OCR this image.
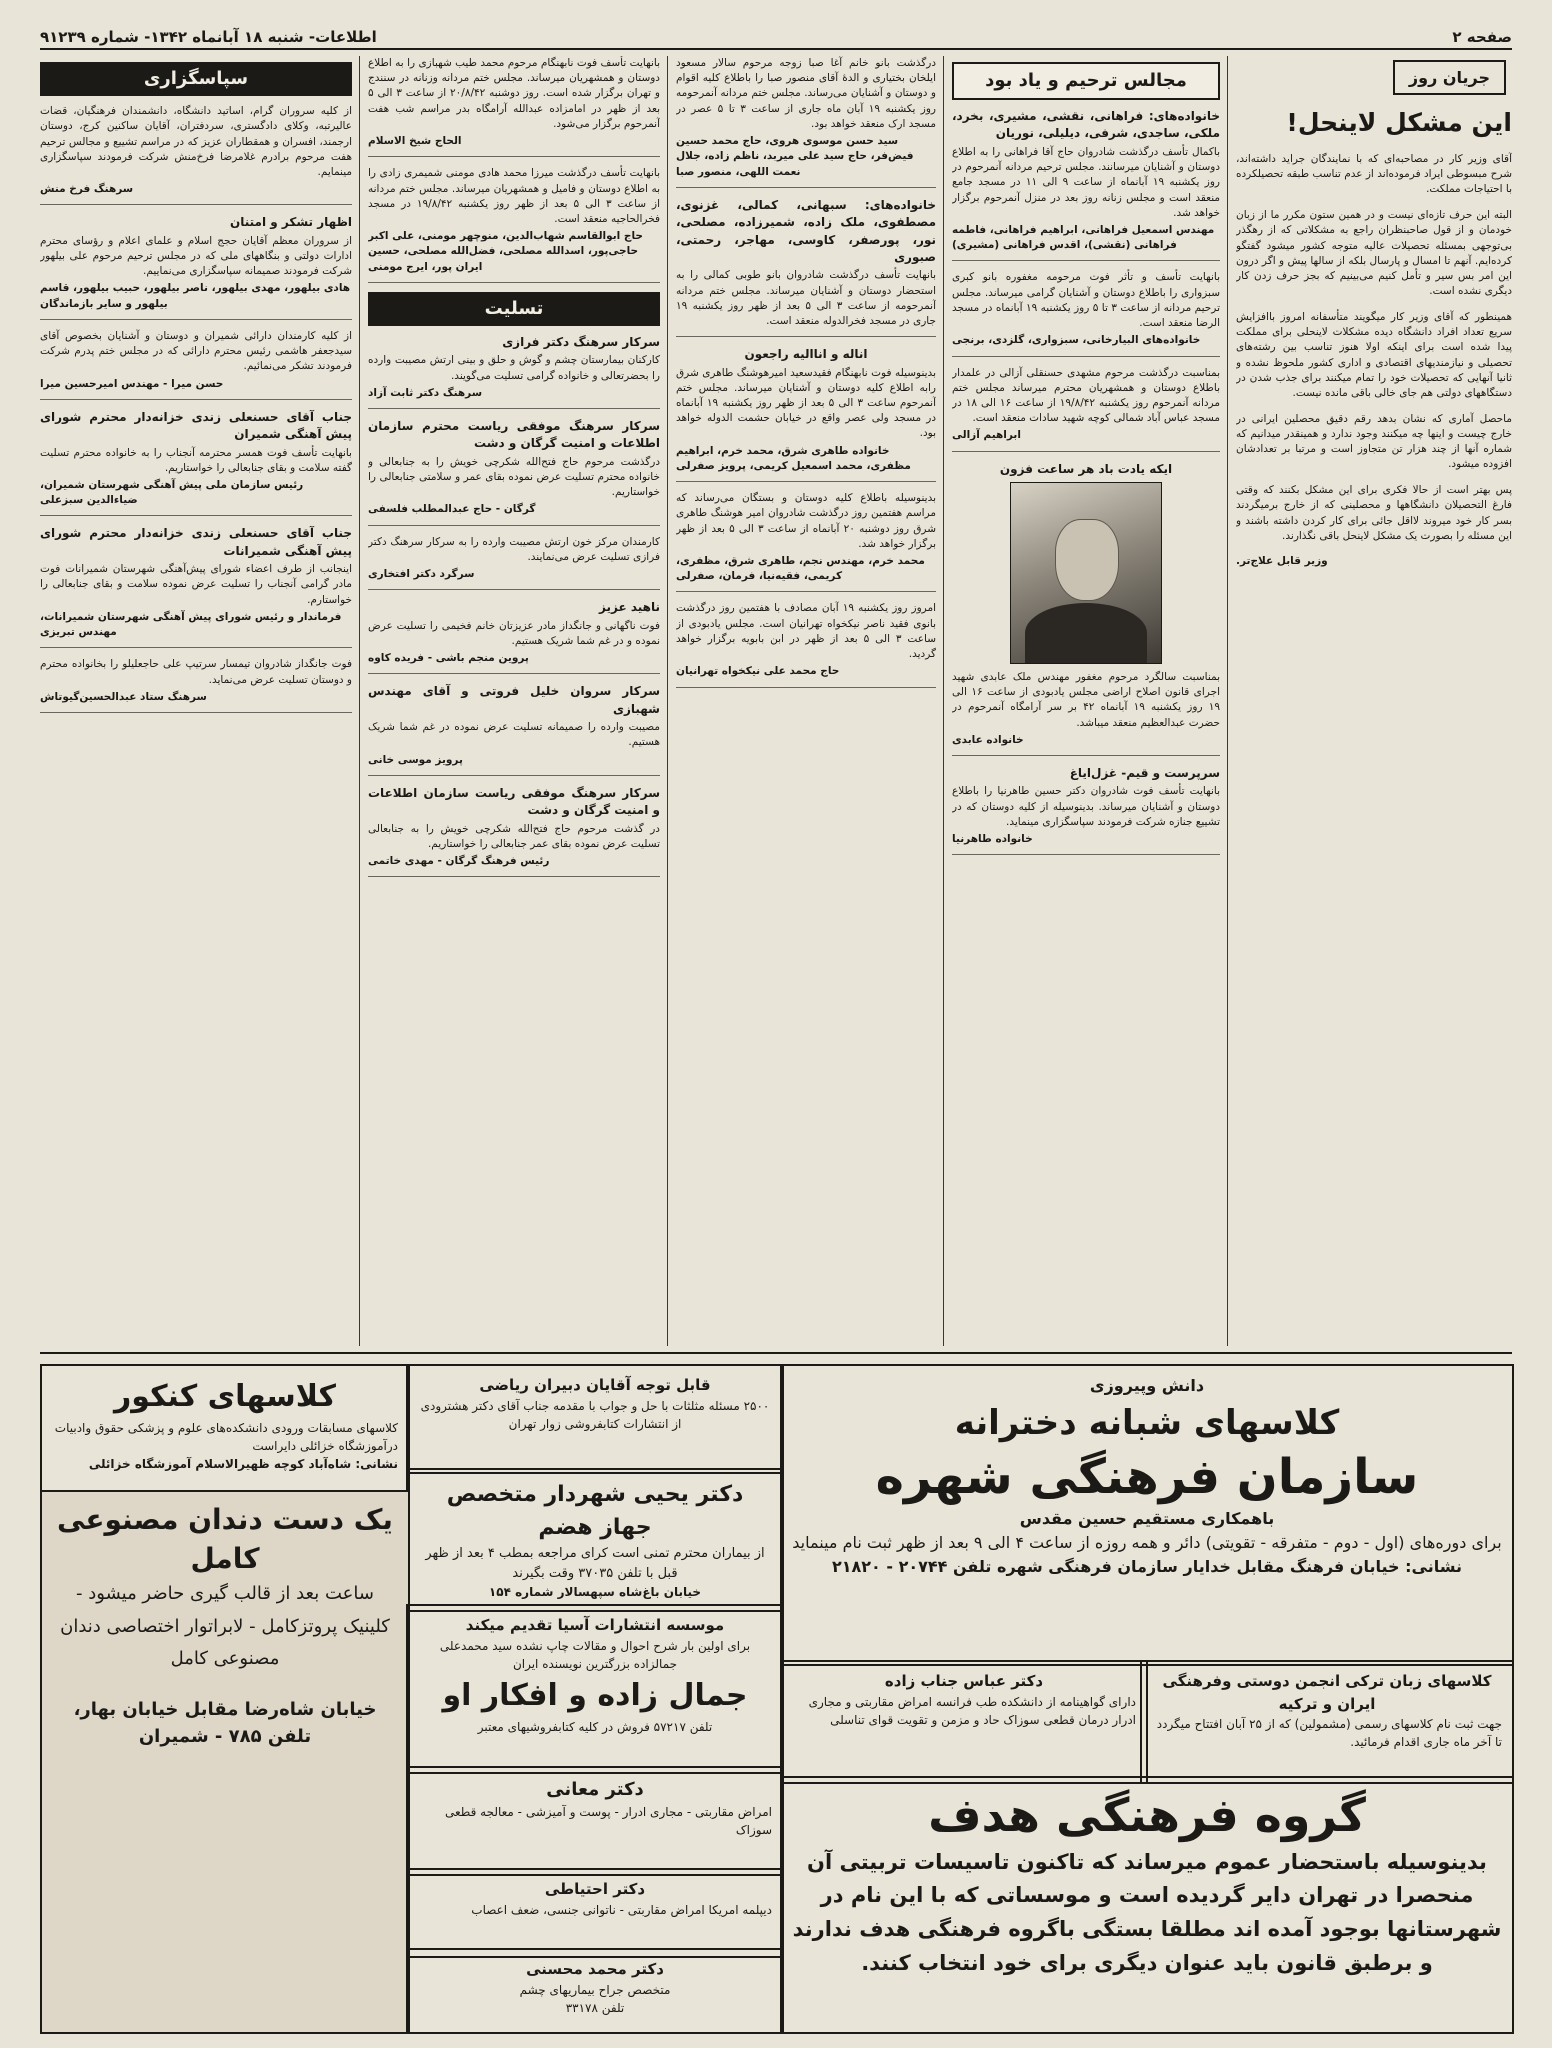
صفحه ۲
اطلاعات- شنبه ۱۸ آبانماه ۱۳۴۲- شماره ۹۱۲۳۹
جریان روز
این مشکل لاینحل!

آقای وزیر کار در مصاحبه‌ای که با نمایندگان جراید داشته‌اند، شرح مبسوطی ایراد فرموده‌اند از عدم تناسب طبقه تحصیلکرده با احتیاجات مملکت.

البته این حرف تازه‌ای نیست و در همین ستون مکرر ما از زبان خودمان و از قول صاحبنظران راجع به مشکلاتی که از رهگذر بی‌توجهی بمسئله تحصیلات عالیه متوجه کشور میشود گفتگو کرده‌ایم. آنهم تا امسال و پارسال بلکه از سالها پیش و اگر درون این امر بس سیر و تأمل کنیم می‌بینیم که بجز حرف زدن کار دیگری نشده است.

همینطور که آقای وزیر کار میگویند متأسفانه امروز باافزایش سریع تعداد افراد دانشگاه دیده مشکلات لاینحلی برای مملکت پیدا شده است برای اینکه اولا هنوز تناسب بین رشته‌های تحصیلی و نیازمندیهای اقتصادی و اداری کشور ملحوظ نشده و ثانیا آنهایی که تحصیلات خود را تمام میکنند برای جذب شدن در دستگاههای دولتی هم جای خالی باقی مانده نیست.

ماحصل آماری که نشان بدهد رقم دقیق محصلین ایرانی در خارج چیست و اینها چه میکنند وجود ندارد و همینقدر میدانیم که شماره آنها از چند هزار تن متجاوز است و مرتبا بر تعدادشان افزوده میشود.

پس بهتر است از حالا فکری برای این مشکل بکنند که وقتی فارغ التحصیلان دانشگاهها و محصلینی که از خارج برمیگردند بسر کار خود میروند لااقل جائی برای کار کردن داشته باشند و این مسئله را بصورت یک مشکل لاینحل باقی نگذارند.

وزیر قابل علاج‌تر.
مجالس ترحیم و یاد بود
خانواده‌های: فراهانی، نقشی، مشیری، بخرد، ملکی، ساجدی، شرفی، دیلیلی، نوریان
باکمال تأسف درگذشت شادروان حاج آقا فراهانی را به اطلاع دوستان و آشنایان میرسانند. مجلس ترحیم مردانه آنمرحوم در روز یکشنبه ۱۹ آبانماه از ساعت ۹ الی ۱۱ در مسجد جامع منعقد است و مجلس زنانه روز بعد در منزل آنمرحوم برگزار خواهد شد.
مهندس اسمعیل فراهانی، ابراهیم فراهانی، فاطمه فراهانی (نقشی)، اقدس فراهانی (مشیری)
بانهایت تأسف و تأثر فوت مرحومه مغفوره بانو کبری سبزواری را باطلاع دوستان و آشنایان گرامی میرساند. مجلس ترحیم مردانه از ساعت ۳ تا ۵ روز یکشنبه ۱۹ آبانماه در مسجد الرضا منعقد است.
خانواده‌های البیارخانی، سبزواری، گلزدی، برنجی
بمناسبت درگذشت مرحوم مشهدی حسنقلی آزالی در علمدار باطلاع دوستان و همشهریان محترم میرساند مجلس ختم مردانه آنمرحوم روز یکشنبه ۱۹/۸/۴۲ از ساعت ۱۶ الی ۱۸ در مسجد عباس آباد شمالی کوچه شهید سادات منعقد است.
ابراهیم آزالی
ایکه یادت باد هر ساعت فزون
بمناسبت سالگرد مرحوم مغفور مهندس ملک عابدی شهید اجرای قانون اصلاح اراضی مجلس یادبودی از ساعت ۱۶ الی ۱۹ روز یکشنبه ۱۹ آبانماه ۴۲ بر سر آرامگاه آنمرحوم در حضرت عبدالعظیم منعقد میباشد.
خانواده عابدی
سرپرست و قیم- غزل‌ایاغ
بانهایت تأسف فوت شادروان دکتر حسین طاهرنیا را باطلاع دوستان و آشنایان میرساند. بدینوسیله از کلیه دوستان که در تشییع جنازه شرکت فرمودند سپاسگزاری مینماید.
خانواده طاهرنیا
درگذشت بانو خانم آغا صبا زوجه مرحوم سالار مسعود ایلخان بختیاری و الدهٔ آقای منصور صبا را باطلاع کلیه اقوام و دوستان و آشنایان می‌رساند. مجلس ختم مردانه آنمرحومه روز یکشنبه ۱۹ آبان ماه جاری از ساعت ۳ تا ۵ عصر در مسجد ارک منعقد خواهد بود.
سید حسن موسوی هروی، حاج محمد حسین فیض‌فر، حاج سید علی میربد، ناظم زاده، جلال نعمت اللهی، منصور صبا
خانواده‌های: سبهانی، کمالی، غزنوی، مصطفوی، ملک زاده، شمیرزاده، مصلحی، نور، پورصفر، کاوسی، مهاجر، رحمتی، صبوری
بانهایت تأسف درگذشت شادروان بانو طوبی کمالی را به استحضار دوستان و آشنایان میرساند. مجلس ختم مردانه آنمرحومه از ساعت ۳ الی ۵ بعد از ظهر روز یکشنبه ۱۹ جاری در مسجد فخرالدوله منعقد است.
اناله و اناالیه راجعون
بدینوسیله فوت نابهنگام فقیدسعید امیرهوشنگ طاهری شرق رابه اطلاع کلیه دوستان و آشنایان میرساند. مجلس ختم آنمرحوم ساعت ۳ الی ۵ بعد از ظهر روز یکشنبه ۱۹ آبانماه در مسجد ولی عصر واقع در خیابان حشمت الدوله خواهد بود.
خانواده طاهری شرق، محمد خرم، ابراهیم مظفری، محمد اسمعیل کریمی، پرویز صفرلی
بدینوسیله باطلاع کلیه دوستان و بستگان می‌رساند که مراسم هفتمین روز درگذشت شادروان امیر هوشنگ طاهری شرق روز دوشنبه ۲۰ آبانماه از ساعت ۳ الی ۵ بعد از ظهر برگزار خواهد شد.
محمد خرم، مهندس نجم، طاهری شرق، مظفری، کریمی، فقیه‌نیا، فرمان، صفرلی
امروز روز یکشنبه ۱۹ آبان مصادف با هفتمین روز درگذشت بانوی فقید ناصر نیکخواه تهرانیان است. مجلس یادبودی از ساعت ۳ الی ۵ بعد از ظهر در ابن بابویه برگزار خواهد گردید.
حاج محمد علی نیکخواه تهرانیان
بانهایت تأسف فوت نابهنگام مرحوم محمد طیب شهبازی را به اطلاع دوستان و همشهریان میرساند. مجلس ختم مردانه وزنانه در سنندج و تهران برگزار شده است. روز دوشنبه ۲۰/۸/۴۲ از ساعت ۳ الی ۵ بعد از ظهر در امامزاده عبدالله آرامگاه بدر مراسم شب هفت آنمرحوم برگزار می‌شود.
الحاج شیخ الاسلام
بانهایت تأسف درگذشت میرزا محمد هادی مومنی شمیمری زادی را به اطلاع دوستان و فامیل و همشهریان میرساند. مجلس ختم مردانه از ساعت ۳ الی ۵ بعد از ظهر روز یکشنبه ۱۹/۸/۴۲ در مسجد فخرالحاجیه منعقد است.
حاج ابوالقاسم شهاب‌الدین، منوچهر مومنی، علی اکبر حاجی‌پور، اسدالله مصلحی، فضل‌الله مصلحی، حسین ایران پور، ایرج مومنی
تسلیت
سرکار سرهنگ دکتر فرازی
کارکنان بیمارستان چشم و گوش و حلق و بینی ارتش مصیبت وارده را بحضرتعالی و خانواده گرامی تسلیت می‌گویند.
سرهنگ دکتر ثابت آزاد
سرکار سرهنگ موفقی ریاست محترم سازمان اطلاعات و امنیت گرگان و دشت
درگذشت مرحوم حاج فتح‌الله شکرچی خویش را به جنابعالی و خانواده محترم تسلیت عرض نموده بقای عمر و سلامتی جنابعالی را خواستاریم.
گرگان - حاج عبدالمطلب فلسفی
کارمندان مرکز خون ارتش مصیبت وارده را به سرکار سرهنگ دکتر فرازی تسلیت عرض می‌نمایند.
سرگرد دکتر افتخاری
ناهید عزیز
فوت ناگهانی و جانگداز مادر عزیزتان خانم فخیمی را تسلیت عرض نموده و در غم شما شریک هستیم.
پروین منجم باشی - فریده کاوه
سرکار سروان خلیل فروتی و آقای مهندس شهبازی
مصیبت وارده را صمیمانه تسلیت عرض نموده در غم شما شریک هستیم.
پرویز موسی خانی
سرکار سرهنگ موفقی ریاست سازمان اطلاعات و امنیت گرگان و دشت
در گذشت مرحوم حاج فتح‌الله شکرچی خویش را به جنابعالی تسلیت عرض نموده بقای عمر جنابعالی را خواستاریم.
رئیس فرهنگ گرگان - مهدی خاتمی
سپاسگزاری
از کلیه سروران گرام، اساتید دانشگاه، دانشمندان فرهنگیان، قضات عالیرتبه، وکلای دادگستری، سردفتران، آقایان ساکنین کرج، دوستان ارجمند، افسران و همقطاران عزیز که در مراسم تشییع و مجالس ترحیم هفت مرحوم برادرم غلامرضا فرخ‌منش شرکت فرمودند سپاسگزاری مینمایم.
سرهنگ فرخ منش
اظهار تشکر و امتنان
از سروران معظم آقایان حجج اسلام و علمای اعلام و رؤسای محترم ادارات دولتی و بنگاههای ملی که در مجلس ترحیم مرحوم علی بیلهور شرکت فرمودند صمیمانه سپاسگزاری می‌نماییم.
هادی بیلهور، مهدی بیلهور، ناصر بیلهور، حبیب بیلهور، قاسم بیلهور و سایر بازماندگان
از کلیه کارمندان دارائی شمیران و دوستان و آشنایان بخصوص آقای سیدجعفر هاشمی رئیس محترم دارائی که در مجلس ختم پدرم شرکت فرمودند تشکر می‌نمائیم.
حسن میرا - مهندس امیرحسین میرا
جناب آقای حسنعلی زندی خزانه‌دار محترم شورای پیش آهنگی شمیران
بانهایت تأسف فوت همسر محترمه آنجناب را به خانواده محترم تسلیت گفته سلامت و بقای جنابعالی را خواستاریم.
رئیس سازمان ملی پیش آهنگی شهرستان شمیران، ضیاءالدین سبزعلی
جناب آقای حسنعلی زندی خزانه‌دار محترم شورای پیش آهنگی شمیرانات
اینجانب از طرف اعضاء شورای پیش‌آهنگی شهرستان شمیرانات فوت مادر گرامی آنجناب را تسلیت عرض نموده سلامت و بقای جنابعالی را خواستارم.
فرماندار و رئیس شورای پیش آهنگی شهرستان شمیرانات، مهندس تبریزی
فوت جانگداز شادروان تیمسار سرتیپ علی حاجعلیلو را بخانواده محترم و دوستان تسلیت عرض می‌نماید.
سرهنگ ستاد عبدالحسین‌گیوتاش
کلاسهای کنکور
کلاسهای مسابقات ورودی دانشکده‌های علوم و پزشکی حقوق وادبیات درآموزشگاه خزائلی دایراست
نشانی: شاه‌آباد کوچه ظهیرالاسلام آموزشگاه خزائلی
قابل توجه آقایان دبیران ریاضی
۲۵۰۰ مسئله مثلثات با حل و جواب با مقدمه جناب آقای دکتر هشترودی از انتشارات کتابفروشی زوار تهران
دکتر یحیی شهردار متخصص جهاز هضم
از بیماران محترم تمنی است کرای مراجعه بمطب ۴ بعد از ظهر قبل با تلفن ۳۷۰۳۵ وقت بگیرند
خیابان باغ‌شاه سپهسالار شماره ۱۵۴
دانش وپیروزی
کلاسهای شبانه دخترانه
سازمان فرهنگی شهره
باهمکاری مستقیم حسین مقدس
برای دوره‌های (اول - دوم - متفرقه - تقویتی) دائر و همه روزه از ساعت ۴ الی ۹ بعد از ظهر ثبت نام مینماید
نشانی: خیابان فرهنگ مقابل خدایار سازمان فرهنگی شهره تلفن ۲۰۷۴۴ - ۲۱۸۲۰
یک دست دندان مصنوعی کامل
ساعت بعد از قالب گیری حاضر میشود - کلینیک پروتزکامل - لابراتوار اختصاصی دندان مصنوعی کامل
خیابان شاه‌رضا مقابل خیابان بهار، تلفن ۷۸۵ - شمیران
موسسه انتشارات آسیا تقدیم میکند
برای اولین بار شرح احوال و مقالات چاپ نشده سید محمدعلی جمالزاده بزرگترین نویسنده ایران
جمال زاده و افکار او
تلفن ۵۷۲۱۷ فروش در کلیه کتابفروشیهای معتبر
دکتر عباس جناب زاده
دارای گواهینامه از دانشکده طب فرانسه امراض مقاربتی و مجاری ادرار درمان قطعی سوزاک حاد و مزمن و تقویت قوای تناسلی
کلاسهای زبان ترکی انجمن دوستی وفرهنگی ایران و ترکیه
جهت ثبت نام کلاسهای رسمی (مشمولین) که از ۲۵ آبان افتتاح میگردد تا آخر ماه جاری اقدام فرمائید.
دکتر معانی
امراض مقاربتی - مجاری ادرار - پوست و آمیزشی - معالجه قطعی سوزاک
دکتر احتیاطی
دیپلمه امریکا امراض مقاربتی - ناتوانی جنسی، ضعف اعصاب
دکتر محمد محسنی
متخصص جراح بیماریهای چشم
تلفن ۳۳۱۷۸
گروه فرهنگی هدف
بدینوسیله باستحضار عموم میرساند که تاکنون تاسیسات تربیتی آن منحصرا در تهران دایر گردیده است و موسساتی که با این نام در شهرستانها بوجود آمده اند مطلقا بستگی باگروه فرهنگی هدف ندارند و برطبق قانون باید عنوان دیگری برای خود انتخاب کنند.
